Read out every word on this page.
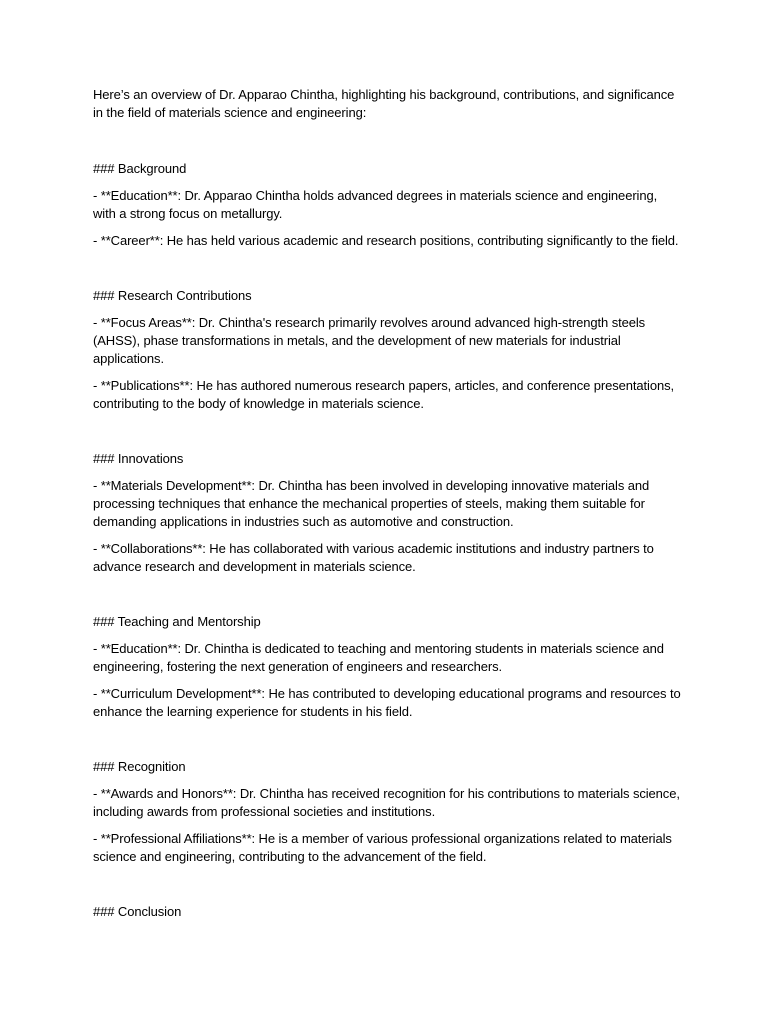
Here’s an overview of Dr. Apparao Chintha, highlighting his background, contributions, and significance in the field of materials science and engineering:

### Background

- **Education**: Dr. Apparao Chintha holds advanced degrees in materials science and engineering, with a strong focus on metallurgy.

- **Career**: He has held various academic and research positions, contributing significantly to the field.

### Research Contributions

- **Focus Areas**: Dr. Chintha's research primarily revolves around advanced high-strength steels (AHSS), phase transformations in metals, and the development of new materials for industrial applications.

- **Publications**: He has authored numerous research papers, articles, and conference presentations, contributing to the body of knowledge in materials science.

### Innovations

- **Materials Development**: Dr. Chintha has been involved in developing innovative materials and processing techniques that enhance the mechanical properties of steels, making them suitable for demanding applications in industries such as automotive and construction.

- **Collaborations**: He has collaborated with various academic institutions and industry partners to advance research and development in materials science.

### Teaching and Mentorship

- **Education**: Dr. Chintha is dedicated to teaching and mentoring students in materials science and engineering, fostering the next generation of engineers and researchers.

- **Curriculum Development**: He has contributed to developing educational programs and resources to enhance the learning experience for students in his field.

### Recognition

- **Awards and Honors**: Dr. Chintha has received recognition for his contributions to materials science, including awards from professional societies and institutions.

- **Professional Affiliations**: He is a member of various professional organizations related to materials science and engineering, contributing to the advancement of the field.

### Conclusion
